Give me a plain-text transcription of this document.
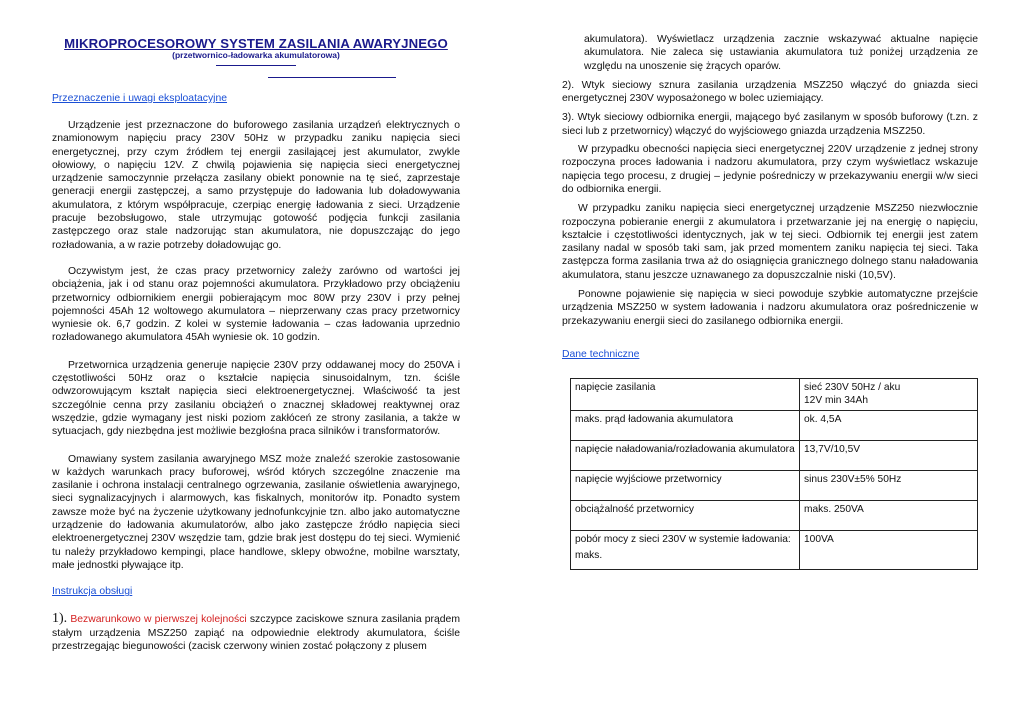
MIKROPROCESOROWY SYSTEM ZASILANIA AWARYJNEGO
(przetwornico-ładowarka akumulatorowa)
Przeznaczenie i uwagi eksploatacyjne

Urządzenie jest przeznaczone do buforowego zasilania urządzeń elektrycznych o znamionowym napięciu pracy 230V 50Hz w przypadku zaniku napięcia sieci energetycznej, przy czym źródłem tej energii zasilającej jest akumulator, zwykle ołowiowy, o napięciu 12V. Z chwilą pojawienia się napięcia sieci energetycznej urządzenie samoczynnie przełącza zasilany obiekt ponownie na tę sieć, zaprzestaje generacji energii zastępczej, a samo przystępuje do ładowania lub doładowywania akumulatora, z którym współpracuje, czerpiąc energię ładowania z sieci. Urządzenie pracuje bezobsługowo, stale utrzymując gotowość podjęcia funkcji zasilania zastępczego oraz stale nadzorując stan akumulatora, nie dopuszczając do jego rozładowania, a w razie potrzeby doładowując go.

Oczywistym jest, że czas pracy przetwornicy zależy zarówno od wartości jej obciążenia, jak i od stanu oraz pojemności akumulatora. Przykładowo przy obciążeniu przetwornicy odbiornikiem energii pobierającym moc 80W przy 230V i przy pełnej pojemności 45Ah 12 woltowego akumulatora – nieprzerwany czas pracy przetwornicy wyniesie ok. 6,7 godzin. Z kolei w systemie ładowania – czas ładowania uprzednio rozładowanego akumulatora 45Ah wyniesie ok. 10 godzin.

Przetwornica urządzenia generuje napięcie 230V przy oddawanej mocy do 250VA i częstotliwości 50Hz oraz o kształcie napięcia sinusoidalnym, tzn. ściśle odwzorowującym kształt napięcia sieci elektroenergetycznej. Właściwość ta jest szczególnie cenna przy zasilaniu obciążeń o znacznej składowej reaktywnej oraz wszędzie, gdzie wymagany jest niski poziom zakłóceń ze strony zasilania, a także w sytuacjach, gdy niezbędna jest możliwie bezgłośna praca silników i transformatorów.

Omawiany system zasilania awaryjnego MSZ może znaleźć szerokie zastosowanie w każdych warunkach pracy buforowej, wśród których szczególne znaczenie ma zasilanie i ochrona instalacji centralnego ogrzewania, zasilanie oświetlenia awaryjnego, sieci sygnalizacyjnych i alarmowych, kas fiskalnych, monitorów itp. Ponadto system zawsze może być na życzenie użytkowany jednofunkcyjnie tzn. albo jako automatyczne urządzenie do ładowania akumulatorów, albo jako zastępcze źródło napięcia sieci elektroenergetycznej 230V wszędzie tam, gdzie brak jest dostępu do tej sieci. Wymienić tu należy przykładowo kempingi, place handlowe, sklepy obwoźne, mobilne warsztaty, małe jednostki pływające itp.

Instrukcja obsługi
1). Bezwarunkowo w pierwszej kolejności szczypce zaciskowe sznura zasilania prądem stałym urządzenia MSZ250 zapiąć na odpowiednie elektrody akumulatora, ściśle przestrzegając biegunowości (zacisk czerwony winien zostać połączony z plusem

akumulatora). Wyświetlacz urządzenia zacznie wskazywać aktualne napięcie akumulatora. Nie zaleca się ustawiania akumulatora tuż poniżej urządzenia ze względu na unoszenie się żrących oparów.

2). Wtyk sieciowy sznura zasilania urządzenia MSZ250 włączyć do gniazda sieci energetycznej 230V wyposażonego w bolec uziemiający.

3). Wtyk sieciowy odbiornika energii, mającego być zasilanym w sposób buforowy (t.zn. z sieci lub z przetwornicy) włączyć do wyjściowego gniazda urządzenia MSZ250.

W przypadku obecności napięcia sieci energetycznej 220V urządzenie z jednej strony rozpoczyna proces ładowania i nadzoru akumulatora, przy czym wyświetlacz wskazuje napięcia tego procesu, z drugiej – jedynie pośredniczy w przekazywaniu energii w/w sieci do odbiornika energii.

W przypadku zaniku napięcia sieci energetycznej urządzenie MSZ250 niezwłocznie rozpoczyna pobieranie energii z akumulatora i przetwarzanie jej na energię o napięciu, kształcie i częstotliwości identycznych, jak w tej sieci. Odbiornik tej energii jest zatem zasilany nadal w sposób taki sam, jak przed momentem zaniku napięcia tej sieci. Taka zastępcza forma zasilania trwa aż do osiągnięcia granicznego dolnego stanu naładowania akumulatora, stanu jeszcze uznawanego za dopuszczalnie niski (10,5V).

Ponowne pojawienie się napięcia w sieci powoduje szybkie automatyczne przejście urządzenia MSZ250 w system ładowania i nadzoru akumulatora oraz pośredniczenie w przekazywaniu energii sieci do zasilanego odbiornika energii.

Dane techniczne
napięcie zasilania	sieć 230V 50Hz / aku
12V min 34Ah
maks. prąd ładowania akumulatora	ok. 4,5A
napięcie naładowania/rozładowania akumulatora	13,7V/10,5V
napięcie wyjściowe przetwornicy	sinus 230V±5% 50Hz
obciążalność przetwornicy	maks. 250VA
pobór mocy z sieci 230V w systemie ładowania:
maks.	100VA
